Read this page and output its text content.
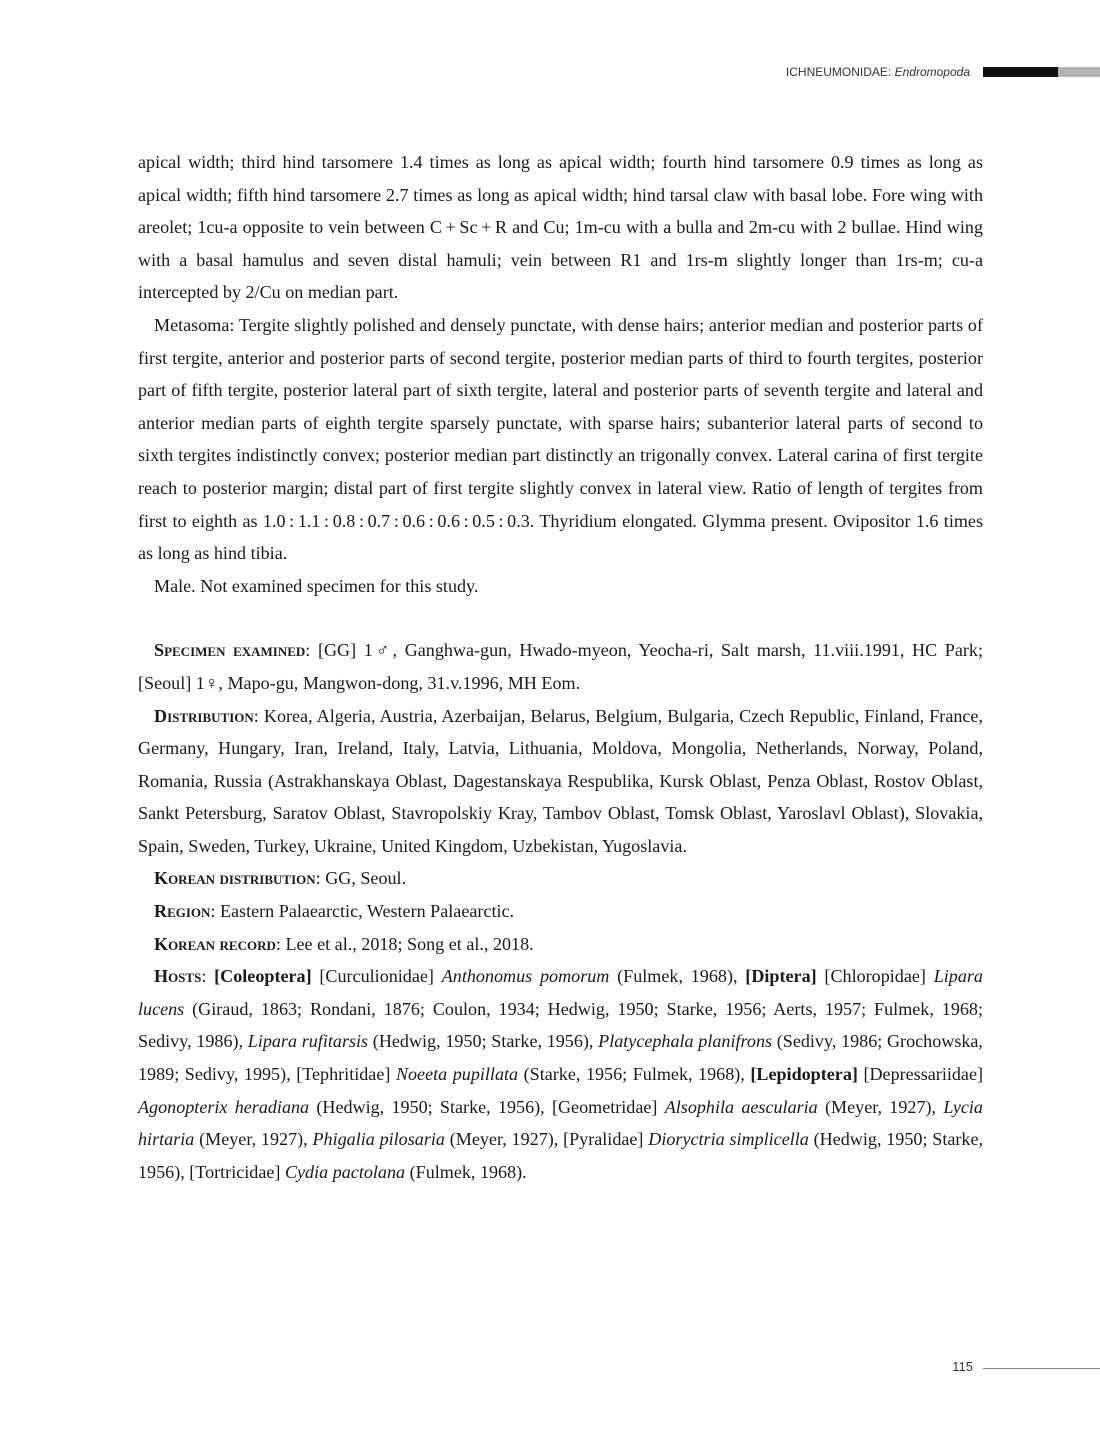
ICHNEUMONIDAE: Endromopoda

apical width; third hind tarsomere 1.4 times as long as apical width; fourth hind tarsomere 0.9 times as long as apical width; fifth hind tarsomere 2.7 times as long as apical width; hind tarsal claw with basal lobe. Fore wing with areolet; 1cu-a opposite to vein between C + Sc + R and Cu; 1m-cu with a bulla and 2m-cu with 2 bullae. Hind wing with a basal hamulus and seven distal hamuli; vein between R1 and 1rs-m slightly longer than 1rs-m; cu-a intercepted by 2/Cu on median part.

Metasoma: Tergite slightly polished and densely punctate, with dense hairs; anterior median and posterior parts of first tergite, anterior and posterior parts of second tergite, posterior median parts of third to fourth tergites, posterior part of fifth tergite, posterior lateral part of sixth tergite, lateral and posterior parts of seventh tergite and lateral and anterior median parts of eighth tergite sparsely punctate, with sparse hairs; subanterior lateral parts of second to sixth tergites indistinctly convex; posterior median part distinctly an trigonally convex. Lateral carina of first tergite reach to posterior margin; distal part of first tergite slightly convex in lateral view. Ratio of length of tergites from first to eighth as 1.0 : 1.1 : 0.8 : 0.7 : 0.6 : 0.6 : 0.5 : 0.3. Thyridium elongated. Glymma present. Ovipositor 1.6 times as long as hind tibia.

Male. Not examined specimen for this study.

Specimen examined: [GG] 1♂, Ganghwa-gun, Hwado-myeon, Yeocha-ri, Salt marsh, 11.viii.1991, HC Park; [Seoul] 1♀, Mapo-gu, Mangwon-dong, 31.v.1996, MH Eom.

Distribution: Korea, Algeria, Austria, Azerbaijan, Belarus, Belgium, Bulgaria, Czech Republic, Finland, France, Germany, Hungary, Iran, Ireland, Italy, Latvia, Lithuania, Moldova, Mongolia, Netherlands, Norway, Poland, Romania, Russia (Astrakhanskaya Oblast, Dagestanskaya Respublika, Kursk Oblast, Penza Oblast, Rostov Oblast, Sankt Petersburg, Saratov Oblast, Stavropolskiy Kray, Tambov Oblast, Tomsk Oblast, Yaroslavl Oblast), Slovakia, Spain, Sweden, Turkey, Ukraine, United Kingdom, Uzbekistan, Yugoslavia.

Korean distribution: GG, Seoul.

Region: Eastern Palaearctic, Western Palaearctic.

Korean record: Lee et al., 2018; Song et al., 2018.

Hosts: [Coleoptera] [Curculionidae] Anthonomus pomorum (Fulmek, 1968), [Diptera] [Chloropidae] Lipara lucens (Giraud, 1863; Rondani, 1876; Coulon, 1934; Hedwig, 1950; Starke, 1956; Aerts, 1957; Fulmek, 1968; Sedivy, 1986), Lipara rufitarsis (Hedwig, 1950; Starke, 1956), Platycephala planifrons (Sedivy, 1986; Grochowska, 1989; Sedivy, 1995), [Tephritidae] Noeeta pupillata (Starke, 1956; Fulmek, 1968), [Lepidoptera] [Depressariidae] Agonopterix heradiana (Hedwig, 1950; Starke, 1956), [Geometridae] Alsophila aescularia (Meyer, 1927), Lycia hirtaria (Meyer, 1927), Phigalia pilosaria (Meyer, 1927), [Pyralidae] Dioryctria simplicella (Hedwig, 1950; Starke, 1956), [Tortricidae] Cydia pactolana (Fulmek, 1968).

115
